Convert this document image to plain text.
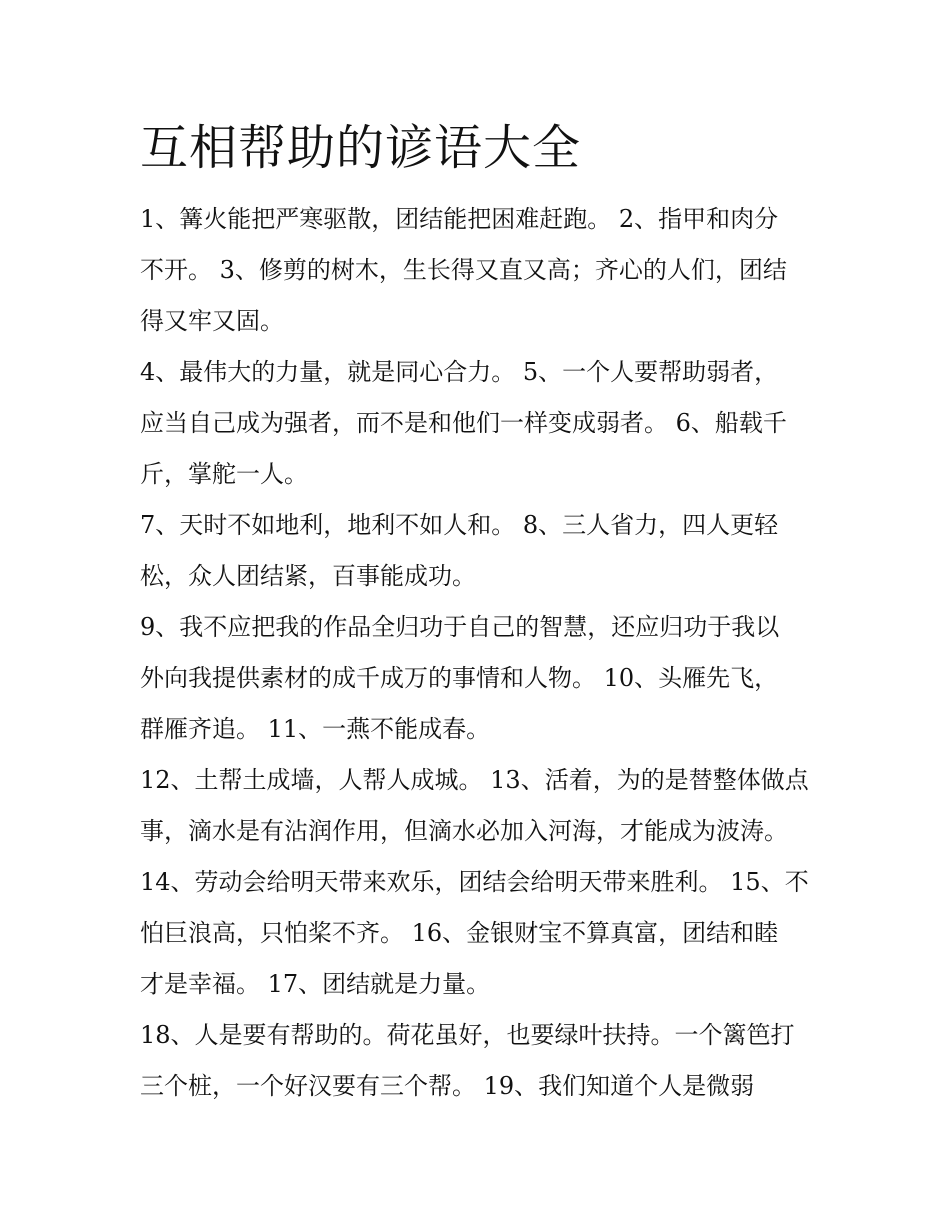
互相帮助的谚语大全
1、篝火能把严寒驱散，团结能把困难赶跑。 2、指甲和肉分
不开。 3、修剪的树木，生长得又直又高；齐心的人们，团结
得又牢又固。
4、最伟大的力量，就是同心合力。 5、一个人要帮助弱者，
应当自己成为强者，而不是和他们一样变成弱者。 6、船载千
斤，掌舵一人。
7、天时不如地利，地利不如人和。 8、三人省力，四人更轻
松，众人团结紧，百事能成功。
9、我不应把我的作品全归功于自己的智慧，还应归功于我以
外向我提供素材的成千成万的事情和人物。 10、头雁先飞，
群雁齐追。 11、一燕不能成春。
12、土帮土成墙，人帮人成城。 13、活着，为的是替整体做点
事，滴水是有沾润作用，但滴水必加入河海，才能成为波涛。
14、劳动会给明天带来欢乐，团结会给明天带来胜利。 15、不
怕巨浪高，只怕桨不齐。 16、金银财宝不算真富，团结和睦
才是幸福。 17、团结就是力量。
18、人是要有帮助的。荷花虽好，也要绿叶扶持。一个篱笆打
三个桩，一个好汉要有三个帮。 19、我们知道个人是微弱
